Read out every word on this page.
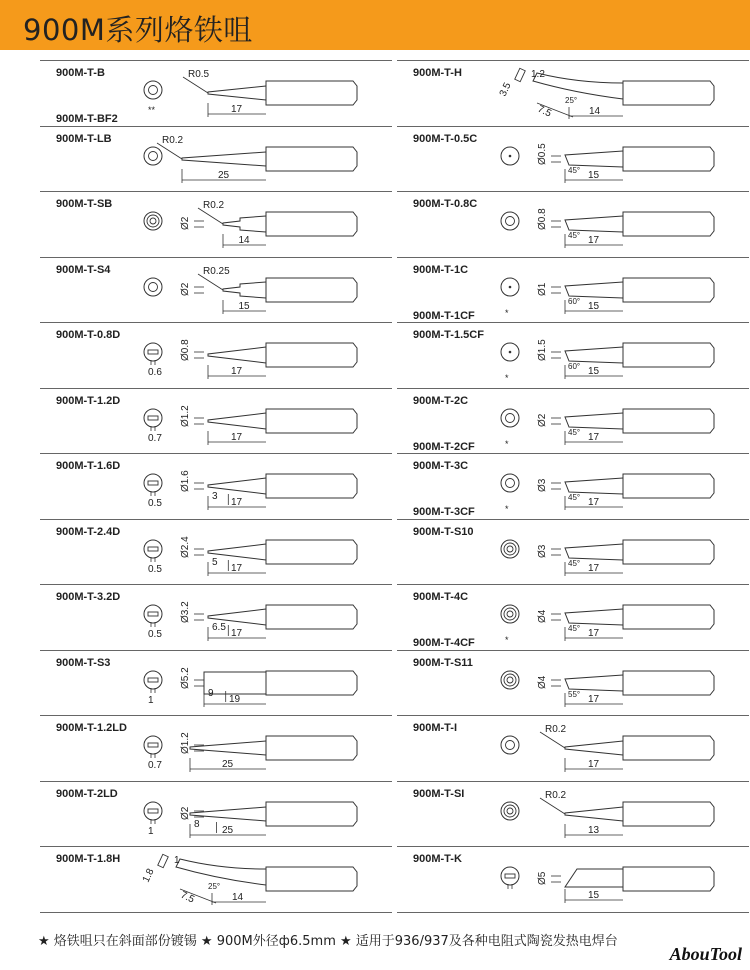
900M系列烙铁咀
900M-T-B
900M-T-BF2
**	17
R0.5
900M-T-LB
25
R0.2
900M-T-SB
14
R0.2
Ø2
900M-T-S4
15
R0.25
Ø2
900M-T-0.8D
0.6	17
Ø0.8
900M-T-1.2D
0.7	17
Ø1.2
900M-T-1.6D
0.5	17
3
Ø1.6
900M-T-2.4D
0.5	17
5
Ø2.4
900M-T-3.2D
0.5	17
6.5
Ø3.2
900M-T-S3
1	19
9
Ø5.2
900M-T-1.2LD
0.7	25
Ø1.2
900M-T-2LD
1	25
8
Ø2
900M-T-1.8H	1
1.8
7.5
25°
14
900M-T-H	1.2
3.5
7.5
25°
14
900M-T-0.5C
15
Ø0.5
45°
900M-T-0.8C
17
Ø0.8
45°
900M-T-1C
900M-T-1CF	*
15
Ø1
60°
900M-T-1.5CF
*
15
Ø1.5
60°
900M-T-2C
900M-T-2CF	*
17
Ø2
45°
900M-T-3C
900M-T-3CF	*
17
Ø3
45°
900M-T-S10
17
Ø3
45°
900M-T-4C
900M-T-4CF	*
17
Ø4
45°
900M-T-S11
17
Ø4
55°
900M-T-I
17
R0.2
900M-T-SI
13
R0.2
900M-T-K
15
Ø5
★ 烙铁咀只在斜面部份镀锡 ★ 900M外径ф6.5mm ★ 适用于936/937及各种电阻式陶瓷发热电焊台
AbouTool
